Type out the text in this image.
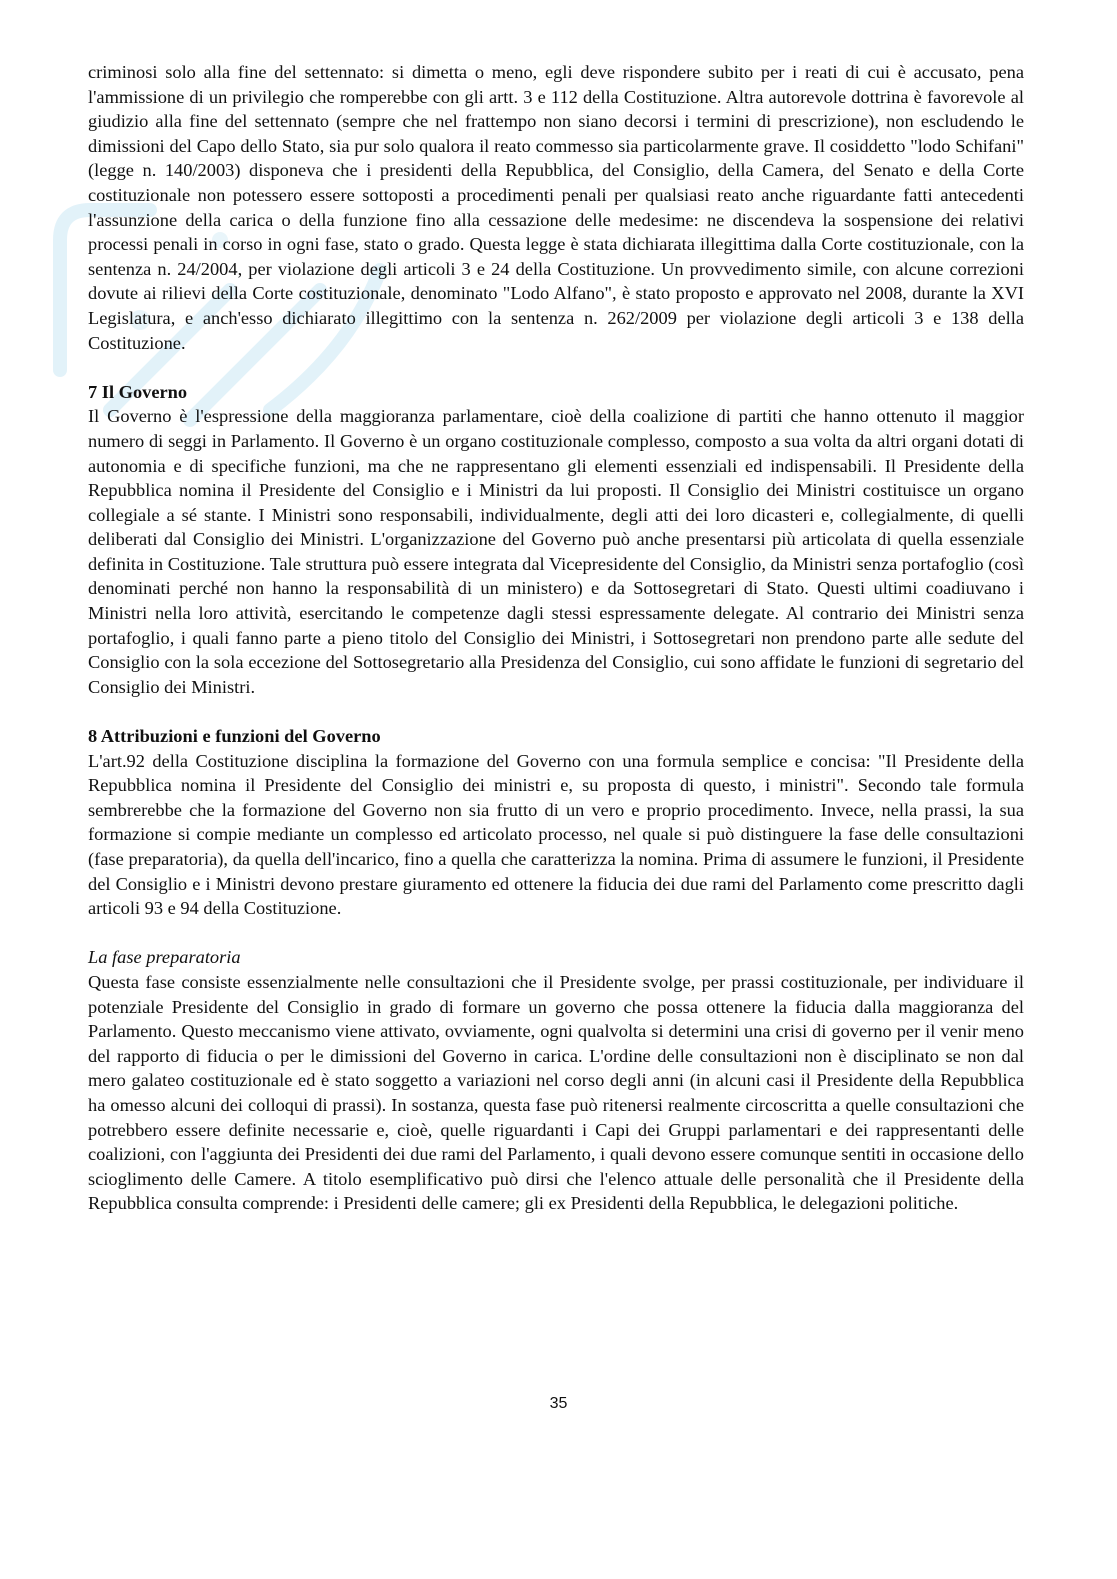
criminosi solo alla fine del settennato: si dimetta o meno, egli deve rispondere subito per i reati di cui è accusato, pena l'ammissione di un privilegio che romperebbe con gli artt. 3 e 112 della Costituzione. Altra autorevole dottrina è favorevole al giudizio alla fine del settennato (sempre che nel frattempo non siano decorsi i termini di prescrizione), non escludendo le dimissioni del Capo dello Stato, sia pur solo qualora il reato commesso sia particolarmente grave. Il cosiddetto "lodo Schifani" (legge n. 140/2003) disponeva che i presidenti della Repubblica, del Consiglio, della Camera, del Senato e della Corte costituzionale non potessero essere sottoposti a procedimenti penali per qualsiasi reato anche riguardante fatti antecedenti l'assunzione della carica o della funzione fino alla cessazione delle medesime: ne discendeva la sospensione dei relativi processi penali in corso in ogni fase, stato o grado. Questa legge è stata dichiarata illegittima dalla Corte costituzionale, con la sentenza n. 24/2004, per violazione degli articoli 3 e 24 della Costituzione. Un provvedimento simile, con alcune correzioni dovute ai rilievi della Corte costituzionale, denominato "Lodo Alfano", è stato proposto e approvato nel 2008, durante la XVI Legislatura, e anch'esso dichiarato illegittimo con la sentenza n. 262/2009 per violazione degli articoli 3 e 138 della Costituzione.

7 Il Governo

Il Governo è l'espressione della maggioranza parlamentare, cioè della coalizione di partiti che hanno ottenuto il maggior numero di seggi in Parlamento. Il Governo è un organo costituzionale complesso, composto a sua volta da altri organi dotati di autonomia e di specifiche funzioni, ma che ne rappresentano gli elementi essenziali ed indispensabili. Il Presidente della Repubblica nomina il Presidente del Consiglio e i Ministri da lui proposti. Il Consiglio dei Ministri costituisce un organo collegiale a sé stante. I Ministri sono responsabili, individualmente, degli atti dei loro dicasteri e, collegialmente, di quelli deliberati dal Consiglio dei Ministri. L'organizzazione del Governo può anche presentarsi più articolata di quella essenziale definita in Costituzione. Tale struttura può essere integrata dal Vicepresidente del Consiglio, da Ministri senza portafoglio (così denominati perché non hanno la responsabilità di un ministero) e da Sottosegretari di Stato. Questi ultimi coadiuvano i Ministri nella loro attività, esercitando le competenze dagli stessi espressamente delegate. Al contrario dei Ministri senza portafoglio, i quali fanno parte a pieno titolo del Consiglio dei Ministri, i Sottosegretari non prendono parte alle sedute del Consiglio con la sola eccezione del Sottosegretario alla Presidenza del Consiglio, cui sono affidate le funzioni di segretario del Consiglio dei Ministri.

8 Attribuzioni e funzioni del Governo

L'art.92 della Costituzione disciplina la formazione del Governo con una formula semplice e concisa: "Il Presidente della Repubblica nomina il Presidente del Consiglio dei ministri e, su proposta di questo, i ministri". Secondo tale formula sembrerebbe che la formazione del Governo non sia frutto di un vero e proprio procedimento. Invece, nella prassi, la sua formazione si compie mediante un complesso ed articolato processo, nel quale si può distinguere la fase delle consultazioni (fase preparatoria), da quella dell'incarico, fino a quella che caratterizza la nomina. Prima di assumere le funzioni, il Presidente del Consiglio e i Ministri devono prestare giuramento ed ottenere la fiducia dei due rami del Parlamento come prescritto dagli articoli 93 e 94 della Costituzione.

La fase preparatoria

Questa fase consiste essenzialmente nelle consultazioni che il Presidente svolge, per prassi costituzionale, per individuare il potenziale Presidente del Consiglio in grado di formare un governo che possa ottenere la fiducia dalla maggioranza del Parlamento. Questo meccanismo viene attivato, ovviamente, ogni qualvolta si determini una crisi di governo per il venir meno del rapporto di fiducia o per le dimissioni del Governo in carica. L'ordine delle consultazioni non è disciplinato se non dal mero galateo costituzionale ed è stato soggetto a variazioni nel corso degli anni (in alcuni casi il Presidente della Repubblica ha omesso alcuni dei colloqui di prassi). In sostanza, questa fase può ritenersi realmente circoscritta a quelle consultazioni che potrebbero essere definite necessarie e, cioè, quelle riguardanti i Capi dei Gruppi parlamentari e dei rappresentanti delle coalizioni, con l'aggiunta dei Presidenti dei due rami del Parlamento, i quali devono essere comunque sentiti in occasione dello scioglimento delle Camere. A titolo esemplificativo può dirsi che l'elenco attuale delle personalità che il Presidente della Repubblica consulta comprende: i Presidenti delle camere; gli ex Presidenti della Repubblica, le delegazioni politiche.

35
